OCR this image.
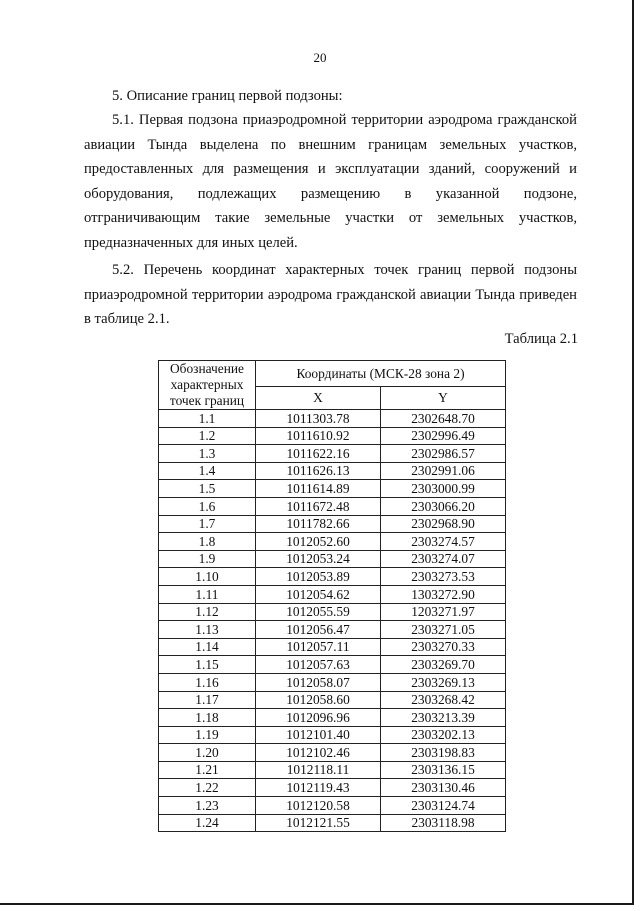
20

5. Описание границ первой подзоны:

5.1. Первая подзона приаэродромной территории аэродрома гражданской авиации Тында выделена по внешним границам земельных участков, предоставленных для размещения и эксплуатации зданий, сооружений и оборудования, подлежащих размещению в указанной подзоне, отграничивающим такие земельные участки от земельных участков, предназначенных для иных целей.

5.2. Перечень координат характерных точек границ первой подзоны приаэродромной территории аэродрома гражданской авиации Тында приведен в таблице 2.1.

Таблица 2.1
Обозначение характерных точек границ	Координаты (МСК-28 зона 2)	
	X	Y
1.1	1011303.78	2302648.70
1.2	1011610.92	2302996.49
1.3	1011622.16	2302986.57
1.4	1011626.13	2302991.06
1.5	1011614.89	2303000.99
1.6	1011672.48	2303066.20
1.7	1011782.66	2302968.90
1.8	1012052.60	2303274.57
1.9	1012053.24	2303274.07
1.10	1012053.89	2303273.53
1.11	1012054.62	1303272.90
1.12	1012055.59	1203271.97
1.13	1012056.47	2303271.05
1.14	1012057.11	2303270.33
1.15	1012057.63	2303269.70
1.16	1012058.07	2303269.13
1.17	1012058.60	2303268.42
1.18	1012096.96	2303213.39
1.19	1012101.40	2303202.13
1.20	1012102.46	2303198.83
1.21	1012118.11	2303136.15
1.22	1012119.43	2303130.46
1.23	1012120.58	2303124.74
1.24	1012121.55	2303118.98
